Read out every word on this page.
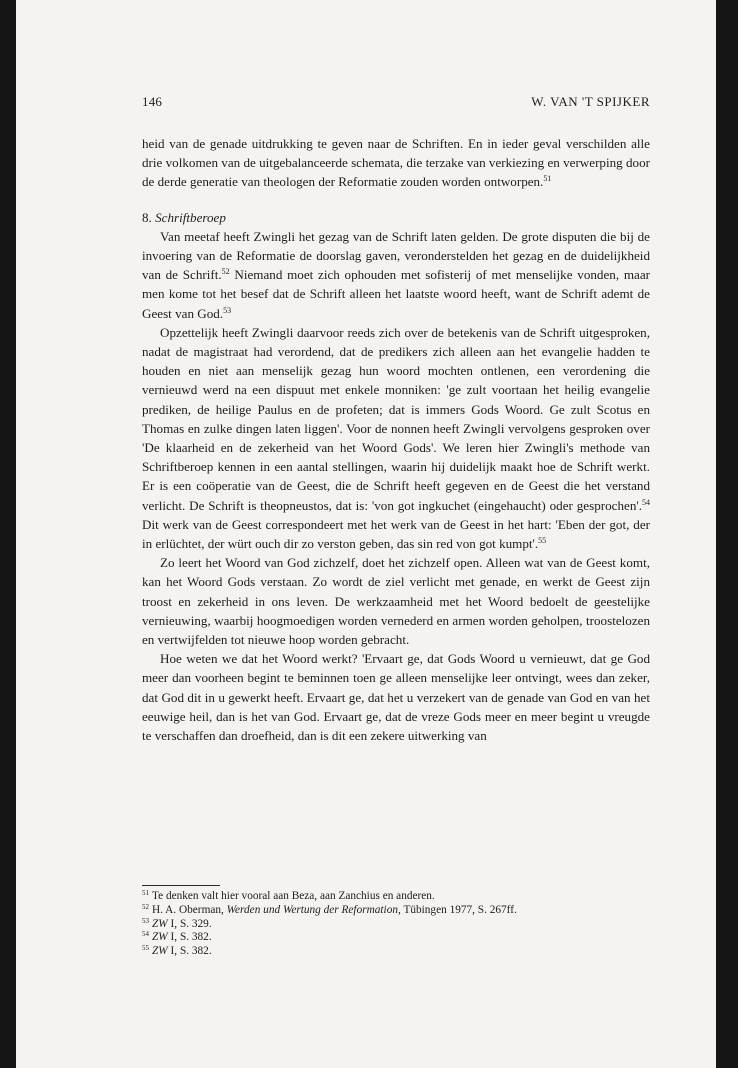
146	W. VAN 'T SPIJKER

heid van de genade uitdrukking te geven naar de Schriften. En in ieder geval verschilden alle drie volkomen van de uitgebalanceerde schemata, die terzake van verkiezing en verwerping door de derde generatie van theologen der Reformatie zouden worden ontworpen.$^{51}$

8. Schriftberoep

Van meetaf heeft Zwingli het gezag van de Schrift laten gelden. De grote disputen die bij de invoering van de Reformatie de doorslag gaven, veronderstelden het gezag en de duidelijkheid van de Schrift.$^{52}$ Niemand moet zich ophouden met sofisterij of met menselijke vonden, maar men kome tot het besef dat de Schrift alleen het laatste woord heeft, want de Schrift ademt de Geest van God.$^{53}$

Opzettelijk heeft Zwingli daarvoor reeds zich over de betekenis van de Schrift uitgesproken, nadat de magistraat had verordend, dat de predikers zich alleen aan het evangelie hadden te houden en niet aan menselijk gezag hun woord mochten ontlenen, een verordening die vernieuwd werd na een dispuut met enkele monniken: 'ge zult voortaan het heilig evangelie prediken, de heilige Paulus en de profeten; dat is immers Gods Woord. Ge zult Scotus en Thomas en zulke dingen laten liggen'. Voor de nonnen heeft Zwingli vervolgens gesproken over 'De klaarheid en de zekerheid van het Woord Gods'. We leren hier Zwingli's methode van Schriftberoep kennen in een aantal stellingen, waarin hij duidelijk maakt hoe de Schrift werkt. Er is een coöperatie van de Geest, die de Schrift heeft gegeven en de Geest die het verstand verlicht. De Schrift is theopneustos, dat is: 'von got ingkuchet (eingehaucht) oder gesprochen'.$^{54}$ Dit werk van de Geest correspondeert met het werk van de Geest in het hart: 'Eben der got, der in erlüchtet, der würt ouch dir zo verston geben, das sin red von got kumpt'.$^{55}$

Zo leert het Woord van God zichzelf, doet het zichzelf open. Alleen wat van de Geest komt, kan het Woord Gods verstaan. Zo wordt de ziel verlicht met genade, en werkt de Geest zijn troost en zekerheid in ons leven. De werkzaamheid met het Woord bedoelt de geestelijke vernieuwing, waarbij hoogmoedigen worden vernederd en armen worden geholpen, troostelozen en vertwijfelden tot nieuwe hoop worden gebracht.

Hoe weten we dat het Woord werkt? 'Ervaart ge, dat Gods Woord u vernieuwt, dat ge God meer dan voorheen begint te beminnen toen ge alleen menselijke leer ontvingt, wees dan zeker, dat God dit in u gewerkt heeft. Ervaart ge, dat het u verzekert van de genade van God en van het eeuwige heil, dan is het van God. Ervaart ge, dat de vreze Gods meer en meer begint u vreugde te verschaffen dan droefheid, dan is dit een zekere uitwerking van

$^{51}$ Te denken valt hier vooral aan Beza, aan Zanchius en anderen.

$^{52}$ H. A. Oberman, Werden und Wertung der Reformation, Tübingen 1977, S. 267ff.

$^{53}$ ZW I, S. 329.

$^{54}$ ZW I, S. 382.

$^{55}$ ZW I, S. 382.
